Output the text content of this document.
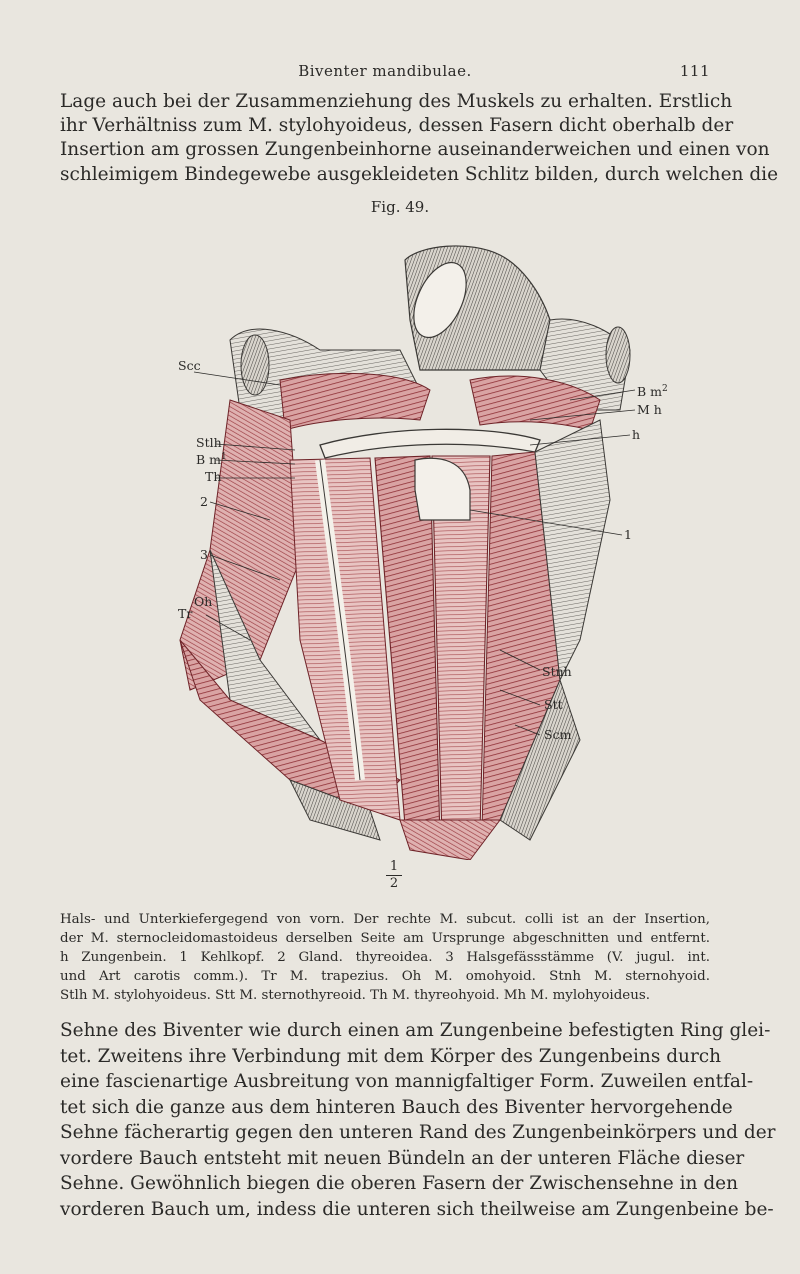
Biventer mandibulae.	111
Lage auch bei der Zusammenziehung des Muskels zu erhalten. Erstlich
ihr Verhältniss zum M. stylohyoideus, dessen Fasern dicht oberhalb der
Insertion am grossen Zungenbeinhorne auseinanderweichen und einen von
schleimigem Bindegewebe ausgekleideten Schlitz bilden, durch welchen die
Fig. 49.
Scc
Stlh
B $m^1$
Th
2
3
Tr
Oh
B $m^2$
M h
h
1
Stnh
Stt
Scm
1
2
Hals- und Unterkiefergegend von vorn. Der rechte M. subcut. colli ist an der Insertion,
der M. sternocleidomastoideus derselben Seite am Ursprunge abgeschnitten und entfernt.
h Zungenbein. 1 Kehlkopf. 2 Gland. thyreoidea. 3 Halsgefässstämme (V. jugul. int.
und Art carotis comm.). Tr M. trapezius. Oh M. omohyoid. Stnh M. sternohyoid.
Stlh M. stylohyoideus. Stt M. sternothyreoid. Th M. thyreohyoid. Mh M. mylohyoideus.
Sehne des Biventer wie durch einen am Zungenbeine befestigten Ring glei-
tet. Zweitens ihre Verbindung mit dem Körper des Zungenbeins durch
eine fascienartige Ausbreitung von mannigfaltiger Form. Zuweilen entfal-
tet sich die ganze aus dem hinteren Bauch des Biventer hervorgehende
Sehne fächerartig gegen den unteren Rand des Zungenbeinkörpers und der
vordere Bauch entsteht mit neuen Bündeln an der unteren Fläche dieser
Sehne. Gewöhnlich biegen die oberen Fasern der Zwischensehne in den
vorderen Bauch um, indess die unteren sich theilweise am Zungenbeine be-
